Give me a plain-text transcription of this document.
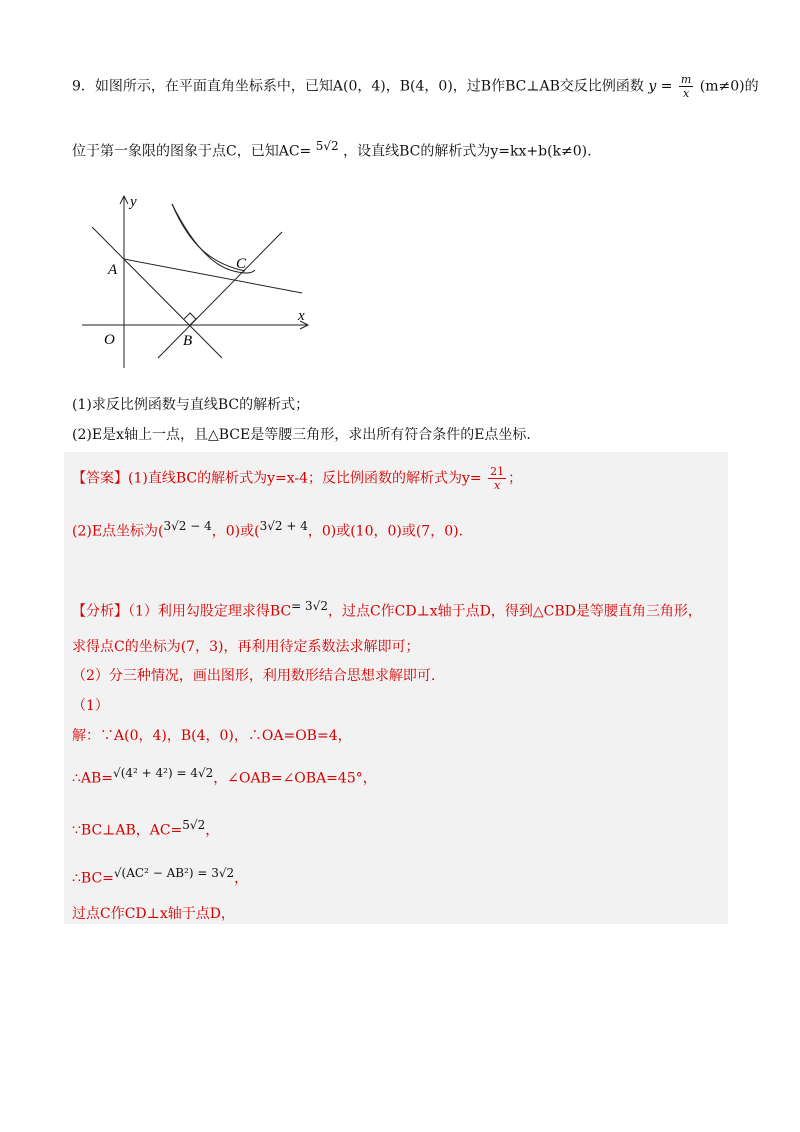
9．如图所示，在平面直角坐标系中，已知A(0，4)，B(4，0)，过B作BC⊥AB交反比例函数 $y = \frac{m}{x} (m\ne 0)$的
位于第一象限的图象于点C，已知AC= 5√2 ，设直线BC的解析式为y=kx+b(k≠0).
y
x
O
A
B
C
(1)求反比例函数与直线BC的解析式；
(2)E是x轴上一点，且△BCE是等腰三角形，求出所有符合条件的E点坐标.
【答案】(1)直线BC的解析式为y=x-4；反比例函数的解析式为$y= \frac{21}{x}$ ；
(2)E点坐标为(3√2 − 4，0)或(3√2 + 4，0)或(10，0)或(7，0).
【分析】（1）利用勾股定理求得BC= 3√2，过点C作CD⊥x轴于点D，得到△CBD是等腰直角三角形，
求得点C的坐标为(7，3)，再利用待定系数法求解即可；
（2）分三种情况，画出图形，利用数形结合思想求解即可.
（1）
解：∵A(0，4)，B(4，0)，∴OA=OB=4，
∴AB=√(4² + 4²) = 4√2，∠OAB=∠OBA=45°，
∵BC⊥AB，AC=5√2，
∴BC=√(AC² − AB²) = 3√2，
过点C作CD⊥x轴于点D，
